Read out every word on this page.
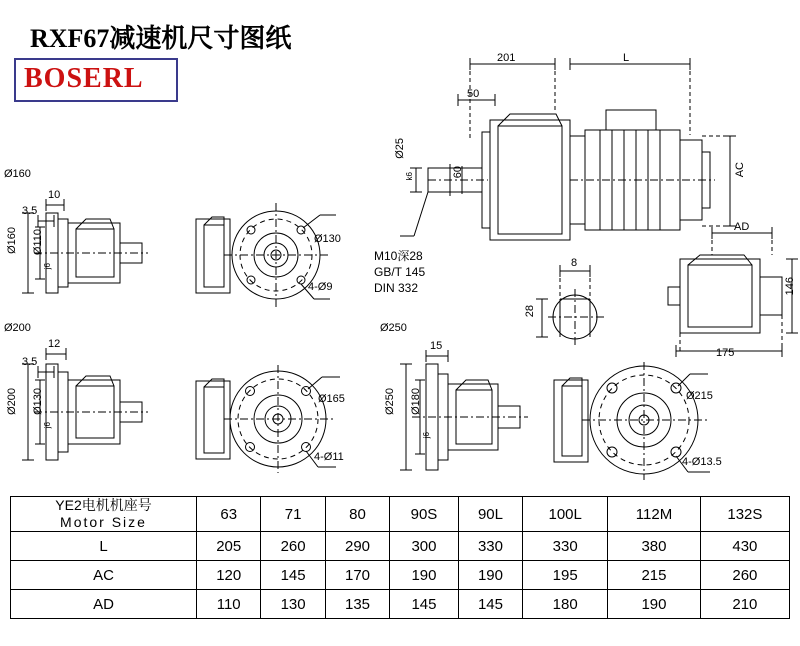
RXF67减速机尺寸图纸
BOSERL
201	L
50
Ø25
k6	60	AC
M10深28
GB/T 145
DIN 332
8
28
AD
146
175
10
3.5
Ø160 Ø110
j6
Ø160
Ø130
4-Ø9
12
3.5
Ø200 Ø130
j6
Ø200
Ø165
4-Ø11
15
Ø250 Ø180
j6
Ø250
Ø215
4-Ø13.5
YE2电机机座号
Motor Size	63	71	80	90S	90L	100L	112M	132S
L	205	260	290	300	330	330	380	430
AC	120	145	170	190	190	195	215	260
AD	110	130	135	145	145	180	190	210
